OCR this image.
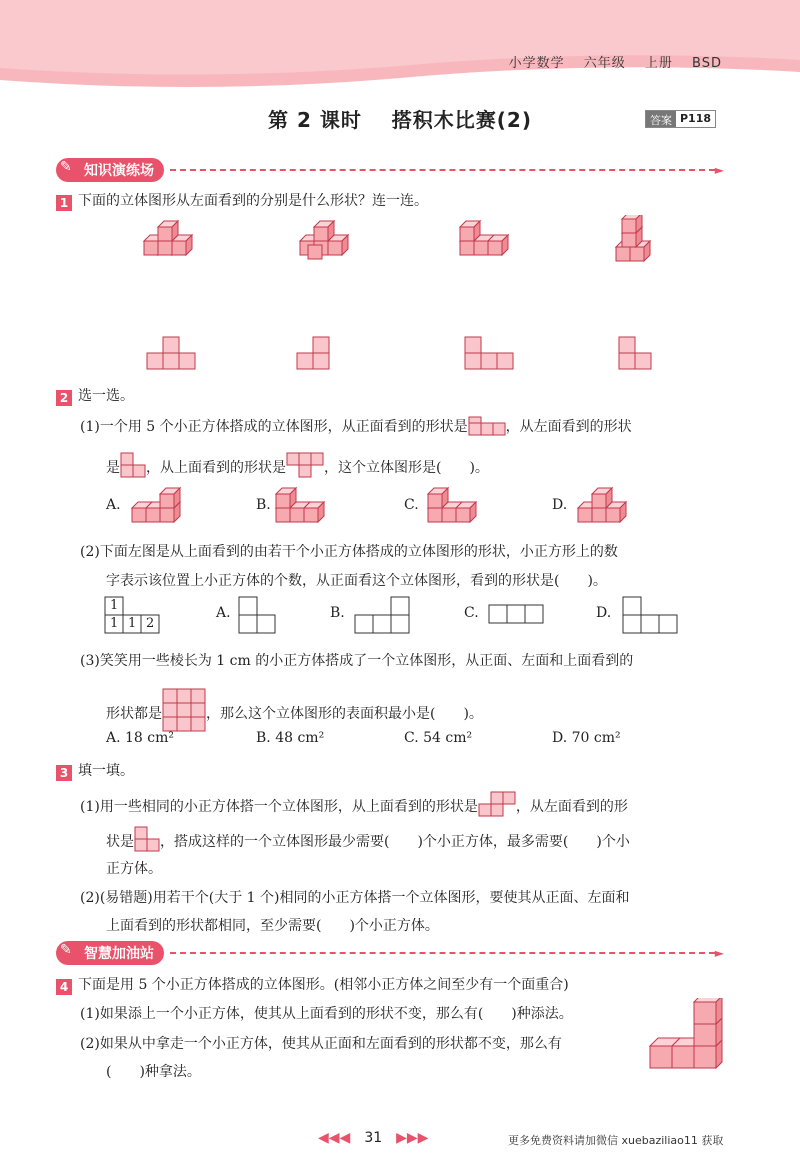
小学数学 六年级 上册 BSD
第 2 课时 搭积木比赛(2)	答案 P118
✎ 知识演练场	►
1 下面的立体图形从左面看到的分别是什么形状？连一连。
2 选一选。
(1)一个用 5 个小正方体搭成的立体图形，从正面看到的形状是	，从左面看到的形状
是 ，从上面看到的形状是	，这个立体图形是(　　)。
A.	B.	C.	D.
(2)下面左图是从上面看到的由若干个小正方体搭成的立体图形的形状，小正方形上的数
字表示该位置上小正方体的个数，从正面看这个立体图形，看到的形状是(　　)。
1
1 1 2
A.	B.	C.	D.
(3)笑笑用一些棱长为 1 cm 的小正方体搭成了一个立体图形，从正面、左面和上面看到的
形状都是	，那么这个立体图形的表面积最小是(　　)。
A. 18 cm²	B. 48 cm²	C. 54 cm²	D. 70 cm²
3 填一填。
(1)用一些相同的小正方体搭一个立体图形，从上面看到的形状是	，从左面看到的形
状是 ，搭成这样的一个立体图形最少需要(　　)个小正方体，最多需要(　　)个小
正方体。
(2)(易错题)用若干个(大于 1 个)相同的小正方体搭一个立体图形，要使其从正面、左面和
上面看到的形状都相同，至少需要(　　)个小正方体。
✎ 智慧加油站	►
4 下面是用 5 个小正方体搭成的立体图形。(相邻小正方体之间至少有一个面重合)
(1)如果添上一个小正方体，使其从上面看到的形状不变，那么有(　　)种添法。
(2)如果从中拿走一个小正方体，使其从正面和左面看到的形状都不变，那么有
(　　)种拿法。
◀◀◀ 31 ▶▶▶	更多免费资料请加微信 xuebaziliao11 获取
